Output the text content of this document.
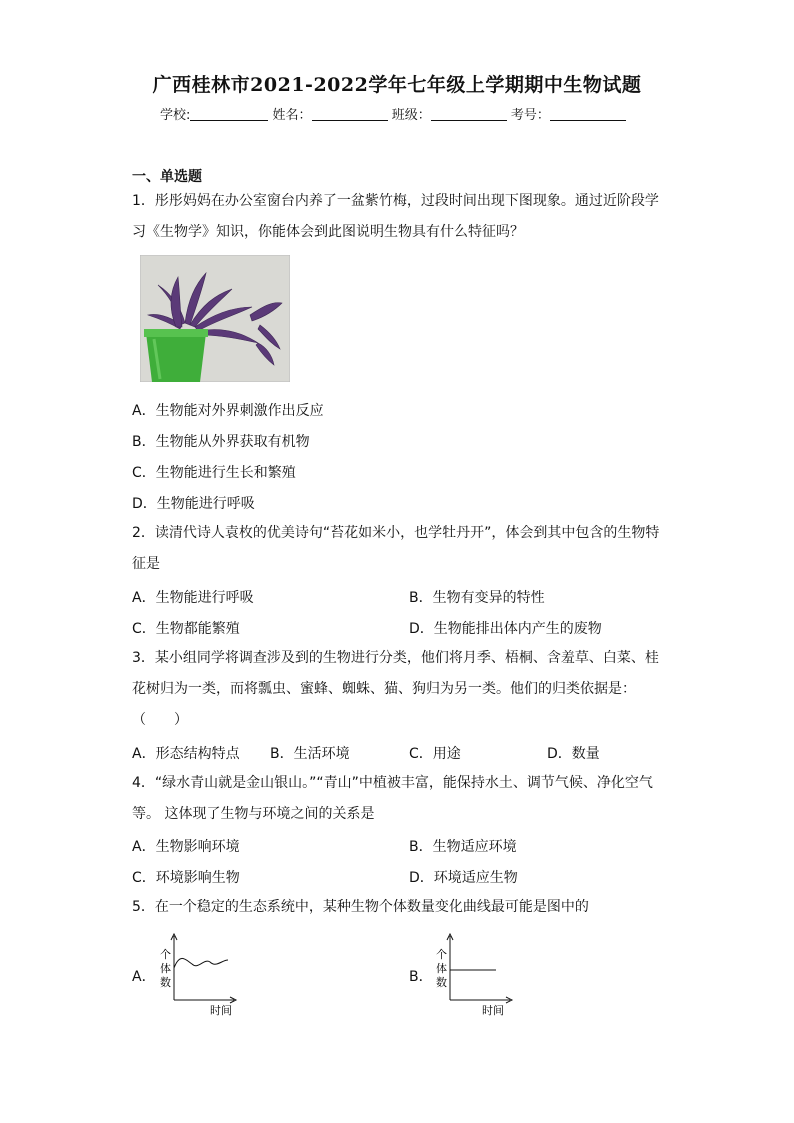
广西桂林市2021-2022学年七年级上学期期中生物试题
学校:	姓名：	班级：	考号：
一、单选题
1．彤彤妈妈在办公室窗台内养了一盆紫竹梅，过段时间出现下图现象。通过近阶段学
习《生物学》知识，你能体会到此图说明生物具有什么特征吗？
A．生物能对外界刺激作出反应
B．生物能从外界获取有机物
C．生物能进行生长和繁殖
D．生物能进行呼吸
2．读清代诗人袁枚的优美诗句“苔花如米小，也学牡丹开”，体会到其中包含的生物特
征是
A．生物能进行呼吸	B．生物有变异的特性
C．生物都能繁殖	D．生物能排出体内产生的废物
3．某小组同学将调查涉及到的生物进行分类，他们将月季、梧桐、含羞草、白菜、桂
花树归为一类，而将瓢虫、蜜蜂、蜘蛛、猫、狗归为另一类。他们的归类依据是：
（　　）
A．形态结构特点 B．生活环境	C．用途	D．数量
4．“绿水青山就是金山银山。”“青山”中植被丰富，能保持水土、调节气候、净化空气
等。 这体现了生物与环境之间的关系是
A．生物影响环境	B．生物适应环境
C．环境影响生物	D．环境适应生物
5．在一个稳定的生态系统中，某种生物个体数量变化曲线最可能是图中的
A．
个
体
数
时间
B．
个
体
数
时间
